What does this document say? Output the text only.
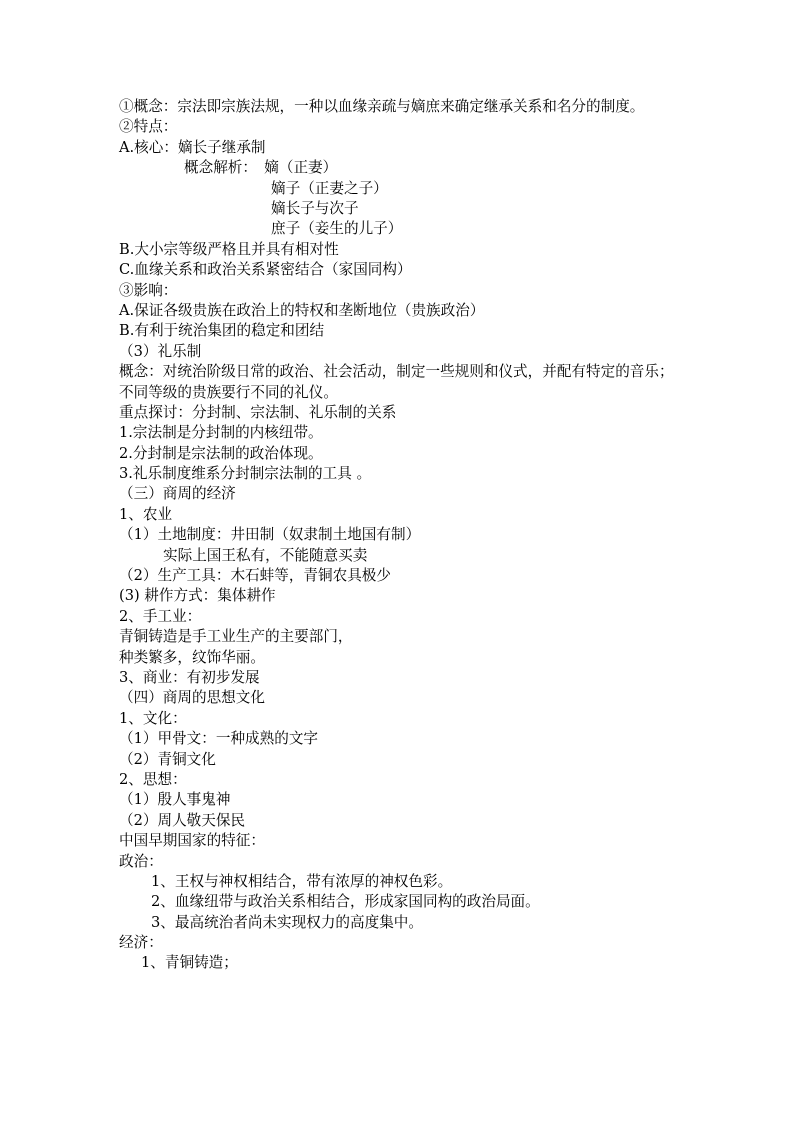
①概念：宗法即宗族法规，一种以血缘亲疏与嫡庶来确定继承关系和名分的制度。
②特点：
A.核心：嫡长子继承制
概念解析：　嫡（正妻）
嫡子（正妻之子）
嫡长子与次子
庶子（妾生的儿子）
B.大小宗等级严格且并具有相对性
C.血缘关系和政治关系紧密结合（家国同构）
③影响：
A.保证各级贵族在政治上的特权和垄断地位（贵族政治）
B.有利于统治集团的稳定和团结
（3）礼乐制
概念：对统治阶级日常的政治、社会活动，制定一些规则和仪式，并配有特定的音乐；不同等级的贵族要行不同的礼仪。
重点探讨：分封制、宗法制、礼乐制的关系
1.宗法制是分封制的内核纽带。
2.分封制是宗法制的政治体现。
3.礼乐制度维系分封制宗法制的工具 。
（三）商周的经济
1、农业
（1）土地制度：井田制（奴隶制土地国有制）
实际上国王私有，不能随意买卖
（2）生产工具：木石蚌等，青铜农具极少
(3) 耕作方式：集体耕作
2、手工业：
青铜铸造是手工业生产的主要部门，
种类繁多，纹饰华丽。
3、商业：有初步发展
（四）商周的思想文化
1、文化：
（1）甲骨文：一种成熟的文字
（2）青铜文化
2、思想：
（1）殷人事鬼神
（2）周人敬天保民
中国早期国家的特征：
政治：
1、王权与神权相结合，带有浓厚的神权色彩。
2、血缘纽带与政治关系相结合，形成家国同构的政治局面。
3、最高统治者尚未实现权力的高度集中。
经济：
1、青铜铸造；
